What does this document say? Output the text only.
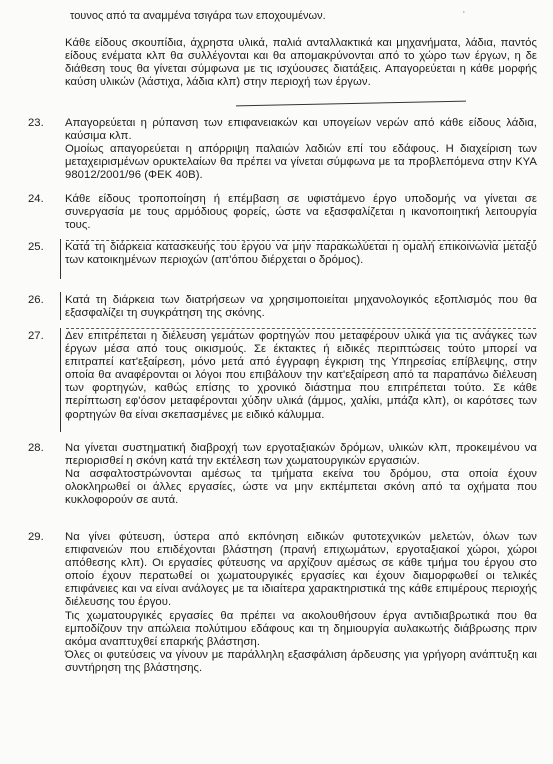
τουνος από τα αναμμένα τσιγάρα των εποχουμένων.	·

Κάθε είδους σκουπίδια, άχρηστα υλικά, παλιά ανταλλακτικά και μηχανήματα, λάδια, παντός είδους ενέματα κλπ θα συλλέγονται και θα απομακρύνονται από το χώρο των έργων, η δε διάθεση τους θα γίνεται σύμφωνα με τις ισχύουσες διατάξεις. Απαγορεύεται η κάθε μορφής καύση υλικών (λάστιχα, λάδια κλπ) στην περιοχή των έργων.

23.	Απαγορεύεται η ρύπανση των επιφανειακών και υπογείων νερών από κάθε είδους λάδια, καύσιμα κλπ.

Ομοίως απαγορεύεται η απόρριψη παλαιών λαδιών επί του εδάφους. Η διαχείριση των μεταχειρισμένων ορυκτελαίων θα πρέπει να γίνεται σύμφωνα με τα προβλεπόμενα στην ΚΥΑ 98012/2001/96 (ΦΕΚ 40Β).

24.	Κάθε είδους τροποποίηση ή επέμβαση σε υφιστάμενο έργο υποδομής να γίνεται σε συνεργασία με τους αρμόδιους φορείς, ώστε να εξασφαλίζεται η ικανοποιητική λειτουργία τους.

25.	Κατά τη διάρκεια κατασκευής του έργου να μην παρακωλύεται η ομαλή επικοινωνία μεταξύ των κατοικημένων περιοχών (απ'όπου διέρχεται ο δρόμος).

26.	Κατά τη διάρκεια των διατρήσεων να χρησιμοποιείται μηχανολογικός εξοπλισμός που θα εξασφαλίζει τη συγκράτηση της σκόνης.

27.	Δεν επιτρέπεται η διέλευση γεμάτων φορτηγών που μεταφέρουν υλικά για τις ανάγκες των έργων μέσα από τους οικισμούς. Σε έκτακτες ή ειδικές περιπτώσεις τούτο μπορεί να επιτραπεί κατ'εξαίρεση, μόνο μετά από έγγραφη έγκριση της Υπηρεσίας επίβλεψης, στην οποία θα αναφέρονται οι λόγοι που επιβάλουν την κατ'εξαίρεση από τα παραπάνω διέλευση των φορτηγών, καθώς επίσης το χρονικό διάστημα που επιτρέπεται τούτο. Σε κάθε περίπτωση εφ'όσον μεταφέρονται χύδην υλικά (άμμος, χαλίκι, μπάζα κλπ), οι καρότσες των φορτηγών θα είναι σκεπασμένες με ειδικό κάλυμμα.

28.	Να γίνεται συστηματική διαβροχή των εργοταξιακών δρόμων, υλικών κλπ, προκειμένου να περιορισθεί η σκόνη κατά την εκτέλεση των χωματουργικών εργασιών.

Να ασφαλτοστρώνονται αμέσως τα τμήματα εκείνα του δρόμου, στα οποία έχουν ολοκληρωθεί οι άλλες εργασίες, ώστε να μην εκπέμπεται σκόνη από τα οχήματα που κυκλοφορούν σε αυτά.

29.	Να γίνει φύτευση, ύστερα από εκπόνηση ειδικών φυτοτεχνικών μελετών, όλων των επιφανειών που επιδέχονται βλάστηση (πρανή επιχωμάτων, εργοταξιακοί χώροι, χώροι απόθεσης κλπ). Οι εργασίες φύτευσης να αρχίζουν αμέσως σε κάθε τμήμα του έργου στο οποίο έχουν περατωθεί οι χωματουργικές εργασίες και έχουν διαμορφωθεί οι τελικές επιφάνειες και να είναι ανάλογες με τα ιδιαίτερα χαρακτηριστικά της κάθε επιμέρους περιοχής διέλευσης του έργου.

Τις χωματουργικές εργασίες θα πρέπει να ακολουθήσουν έργα αντιδιαβρωτικά που θα εμποδίζουν την απώλεια πολύτιμου εδάφους και τη δημιουργία αυλακωτής διάβρωσης πριν ακόμα αναπτυχθεί επαρκής βλάστηση.

Όλες οι φυτεύσεις να γίνουν με παράλληλη εξασφάλιση άρδευσης για γρήγορη ανάπτυξη και συντήρηση της βλάστησης.
